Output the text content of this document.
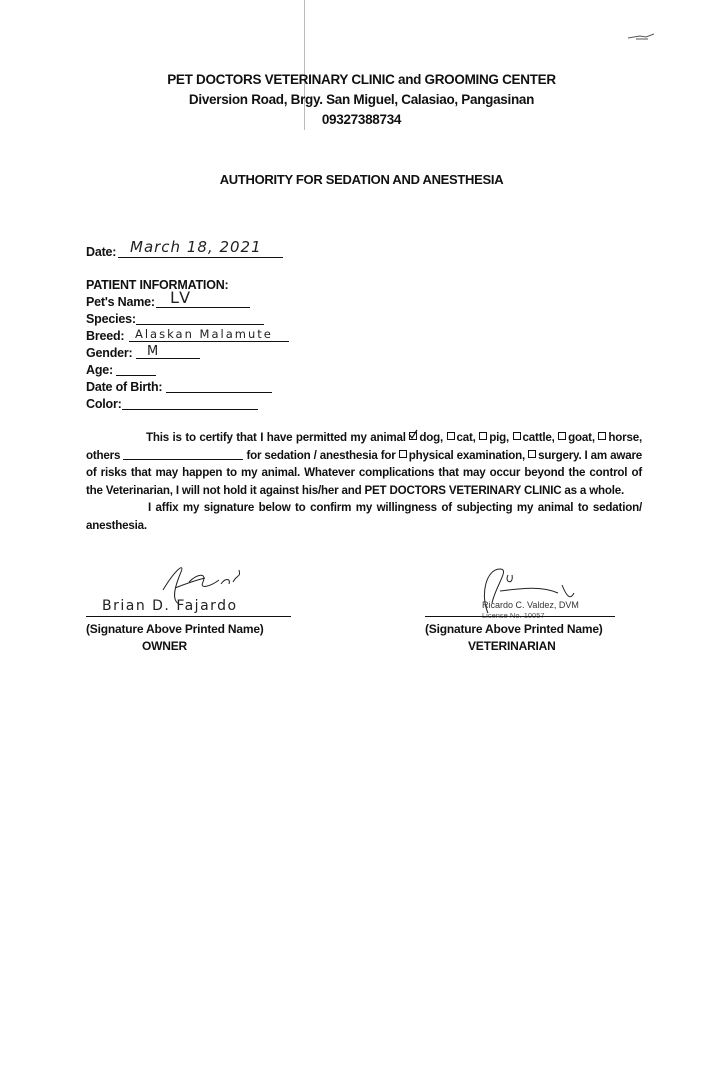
PET DOCTORS VETERINARY CLINIC and GROOMING CENTER
Diversion Road, Brgy. San Miguel, Calasiao, Pangasinan
09327388734
AUTHORITY FOR SEDATION AND ANESTHESIA
Date: March 18, 2021
PATIENT INFORMATION:
Pet's Name: LV
Species:
Breed: Alaskan Malamute
Gender: M
Age:
Date of Birth:
Color:
This is to certify that I have permitted my animal dog, cat, pig, cattle, goat, horse, others	for sedation / anesthesia for physical examination, surgery. I am aware of risks that may happen to my animal. Whatever complications that may occur beyond the control of the Veterinarian, I will not hold it against his/her and PET DOCTORS VETERINARY CLINIC as a whole.
I affix my signature below to confirm my willingness of subjecting my animal to sedation/ anesthesia.
Brian D. Fajardo
(Signature Above Printed Name)
OWNER
Ricardo C. Valdez, DVM
License No. 10057
(Signature Above Printed Name)
VETERINARIAN
